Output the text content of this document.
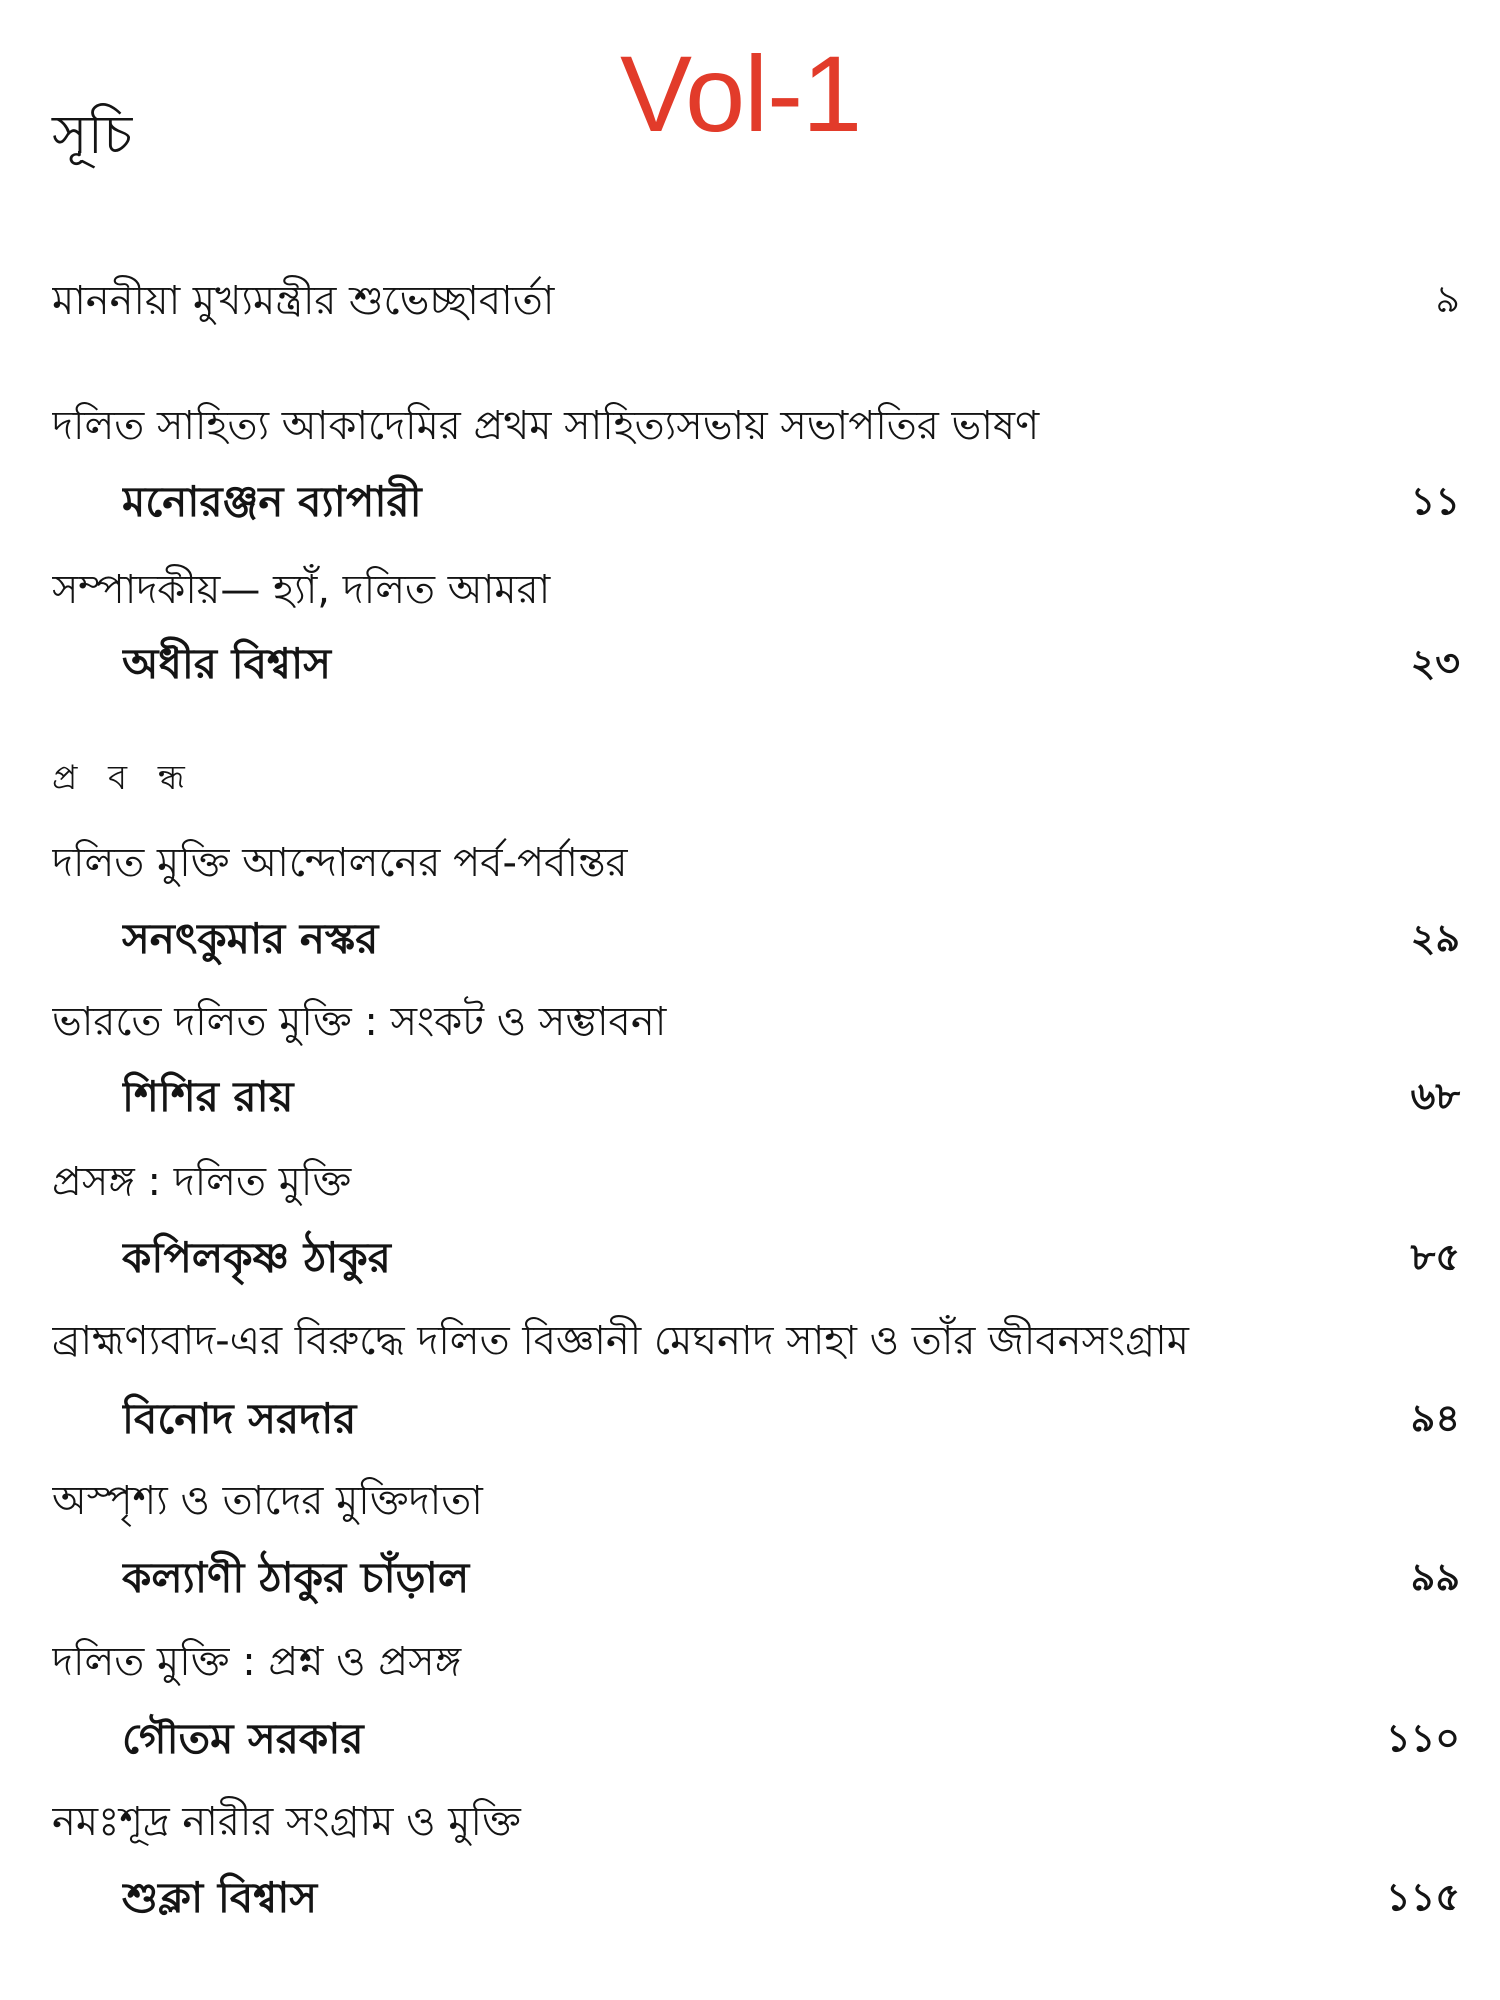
Vol-1
সূচি
মাননীয়া মুখ্যমন্ত্রীর শুভেচ্ছাবার্তা	৯
দলিত সাহিত্য আকাদেমির প্রথম সাহিত্যসভায় সভাপতির ভাষণ
মনোরঞ্জন ব্যাপারী	১১
সম্পাদকীয়— হ্যাঁ, দলিত আমরা
অধীর বিশ্বাস	২৩
প্র ব ন্ধ
দলিত মুক্তি আন্দোলনের পর্ব-পর্বান্তর
সনৎকুমার নস্কর	২৯
ভারতে দলিত মুক্তি : সংকট ও সম্ভাবনা
শিশির রায়	৬৮
প্রসঙ্গ : দলিত মুক্তি
কপিলকৃষ্ণ ঠাকুর	৮৫
ব্রাহ্মণ্যবাদ-এর বিরুদ্ধে দলিত বিজ্ঞানী মেঘনাদ সাহা ও তাঁর জীবনসংগ্রাম
বিনোদ সরদার	৯৪
অস্পৃশ্য ও তাদের মুক্তিদাতা
কল্যাণী ঠাকুর চাঁড়াল	৯৯
দলিত মুক্তি : প্রশ্ন ও প্রসঙ্গ
গৌতম সরকার	১১০
নমঃশূদ্র নারীর সংগ্রাম ও মুক্তি
শুক্লা বিশ্বাস	১১৫
